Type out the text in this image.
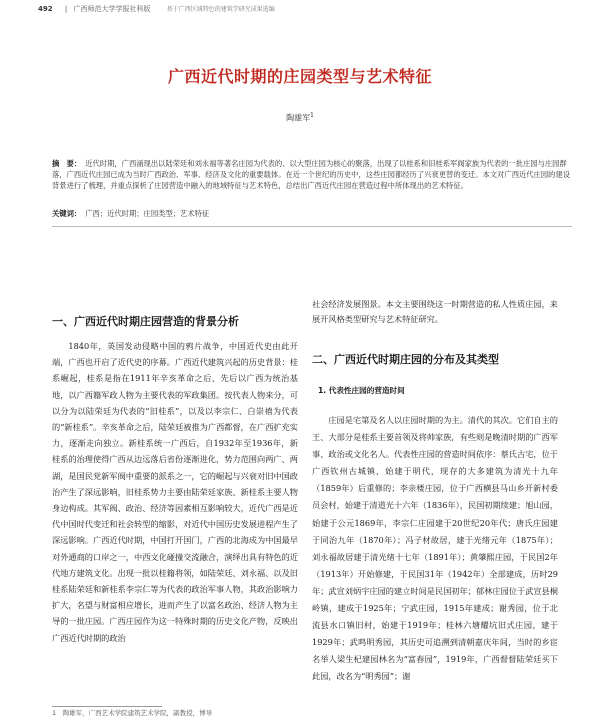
492 | 广西师范大学学报社科版	基于广西区域特色的建筑学研究成果选编
广西近代时期的庄园类型与艺术特征
陶雄军$^1$
摘　要： 近代时期，广西涌现出以陆荣廷和刘永福等著名庄园为代表的、以大型庄园为核心的聚落，出现了以桂系和旧桂系军阀家族为代表的一批庄园与庄园群落，广西近代庄园已成为当时广西政治、军事、经济及文化的重要载体。在近一个世纪的历史中，这些庄园都经历了兴衰更替的变迁。本文对广西近代庄园的建设背景进行了梳理，并重点探析了庄园营造中融入的地域特征与艺术特色，总结出广西近代庄园在营造过程中所体现出的艺术特征。
关键词： 广西；近代时期；庄园类型；艺术特征
一、广西近代时期庄园营造的背景分析

1840年，英国发动侵略中国的鸦片战争，中国近代史由此开端，广西也开启了近代史的序幕。广西近代建筑兴起的历史背景：桂系崛起，桂系是指在1911年辛亥革命之后，先后以广西为统治基地，以广西籍军政人物为主要代表的军政集团。按代表人物来分，可以分为以陆荣廷为代表的“旧桂系”，以及以李宗仁、白崇禧为代表的“新桂系”。辛亥革命之后，陆荣廷被推为广西都督，在广西扩充实力，逐渐走向独立。新桂系统一广西后，自1932年至1936年，新桂系的治理使得广西从边远落后省份逐渐进化，势力范围向两广、两湖，是国民党新军阀中重要的派系之一，它的崛起与兴衰对旧中国政治产生了深远影响，旧桂系势力主要由陆荣廷家族、新桂系主要人物身边构成。其军阀、政治、经济等因素相互影响较大，近代广西是近代中国时代变迁和社会转型的缩影，对近代中国历史发展进程产生了深远影响。广西近代时期，中国打开国门，广西的北海成为中国最早对外通商的口岸之一，中西文化碰撞交流融合，演绎出具有特色的近代地方建筑文化。出现一批以桂籍将领，如陆荣廷、刘永福、以及旧桂系陆荣廷和新桂系李宗仁等为代表的政治军事人物，其政治影响力扩大，名望与财富相应增长，进而产生了以富名政治、经济人物为主导的一批庄园。广西庄园作为这一特殊时期的历史文化产物，反映出广西近代时期的政治

社会经济发展图景。本文主要围绕这一时期营造的私人性质庄园，来展开风格类型研究与艺术特征研究。

二、广西近代时期庄园的分布及其类型
1. 代表性庄园的营造时间

庄园是宅第及名人以庄园时期的为主。清代的其次。它们自主的王、大部分是桂系主要首领及将帅家族，有些则是晚清时期的广西军事、政治或文化名人。代表性庄园的营造时间依序：蔡氏古宅，位于广西钦州古城镇，始建于明代，现存的大多建筑为清光十九年（1859年）后重修的；李亲楼庄园，位于广西横县马山乡开新村委员会村，始建于清道光十六年（1836年），民国初期续建；旭山园，始建于公元1869年，李宗仁庄园建于20世纪20年代；唐氏庄园建于同治九年（1870年）；冯子材故居，建于光绪元年（1875年）；刘永福故居建于清光绪十七年（1891年）；黄肇熙庄园，于民国2年（1913年）开始修建，于民国31年（1942年）全部建成，历时29年；武宣刘炳宇庄园的建立时间是民国初年；郁林庄园位于武宣县桐岭镇，建成于1925年；宁武庄园，1915年建成；谢秀园，位于北流县水口镇旧村，始建于1919年；桂林六塘耀坑旧式庄园，建于1929年；武鸣明秀园，其历史可追溯到清朝嘉庆年间，当时的乡宦名举人梁生杞建园林名为“富春园”，1919年，广西督督陆荣廷买下此园，改名为“明秀园”；谢

1　 陶雄军，广西艺术学院建筑艺术学院，副教授，博导
